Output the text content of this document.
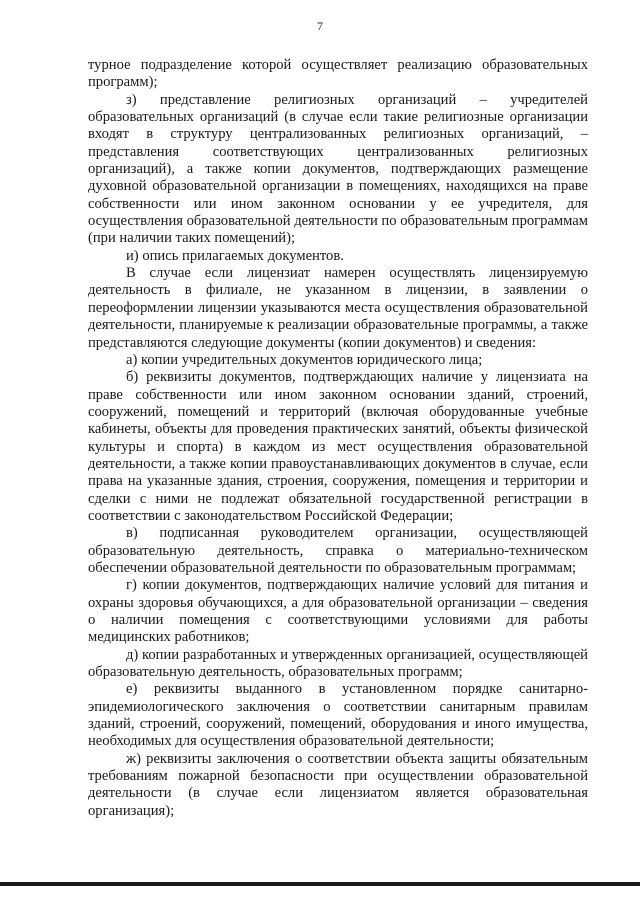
7

турное подразделение которой осуществляет реализацию образовательных программ);

з) представление религиозных организаций – учредителей образовательных организаций (в случае если такие религиозные организации входят в структуру централизованных религиозных организаций, – представления соответствующих централизованных религиозных организаций), а также копии документов, подтверждающих размещение духовной образовательной организации в помещениях, находящихся на праве собственности или ином законном основании у ее учредителя, для осуществления образовательной деятельности по образовательным программам (при наличии таких помещений);

и) опись прилагаемых документов.

В случае если лицензиат намерен осуществлять лицензируемую деятельность в филиале, не указанном в лицензии, в заявлении о переоформлении лицензии указываются места осуществления образовательной деятельности, планируемые к реализации образовательные программы, а также представляются следующие документы (копии документов) и сведения:

а) копии учредительных документов юридического лица;

б) реквизиты документов, подтверждающих наличие у лицензиата на праве собственности или ином законном основании зданий, строений, сооружений, помещений и территорий (включая оборудованные учебные кабинеты, объекты для проведения практических занятий, объекты физической культуры и спорта) в каждом из мест осуществления образовательной деятельности, а также копии правоустанавливающих документов в случае, если права на указанные здания, строения, сооружения, помещения и территории и сделки с ними не подлежат обязательной государственной регистрации в соответствии с законодательством Российской Федерации;

в) подписанная руководителем организации, осуществляющей образовательную деятельность, справка о материально-техническом обеспечении образовательной деятельности по образовательным программам;

г) копии документов, подтверждающих наличие условий для питания и охраны здоровья обучающихся, а для образовательной организации – сведения о наличии помещения с соответствующими условиями для работы медицинских работников;

д) копии разработанных и утвержденных организацией, осуществляющей образовательную деятельность, образовательных программ;

е) реквизиты выданного в установленном порядке санитарно-эпидемиологического заключения о соответствии санитарным правилам зданий, строений, сооружений, помещений, оборудования и иного имущества, необходимых для осуществления образовательной деятельности;

ж) реквизиты заключения о соответствии объекта защиты обязательным требованиям пожарной безопасности при осуществлении образовательной деятельности (в случае если лицензиатом является образовательная организация);
